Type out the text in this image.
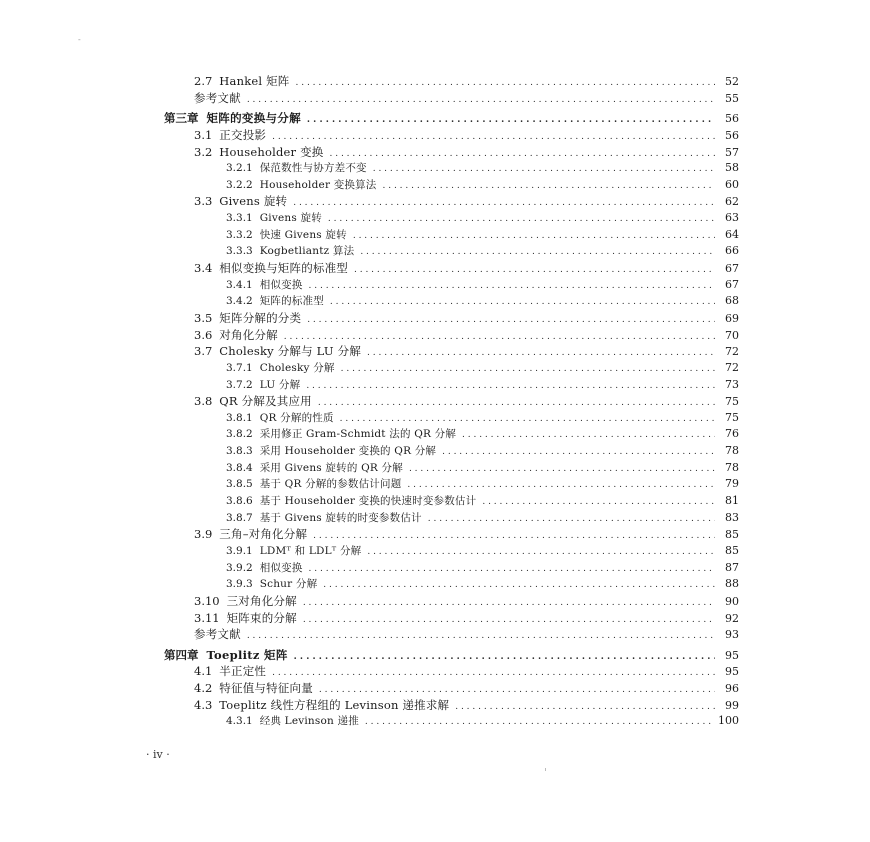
-
2.7 Hankel 矩阵 . . .	52
参考文献 . . .	55
第三章 矩阵的变换与分解 . . .	56
3.1 正交投影 . . .	56
3.2 Householder 变换 . . .	57
3.2.1 保范数性与协方差不变 . . .	58
3.2.2 Householder 变换算法 . . .	60
3.3 Givens 旋转 . . .	62
3.3.1 Givens 旋转 . . .	63
3.3.2 快速 Givens 旋转 . . .	64
3.3.3 Kogbetliantz 算法 . . .	66
3.4 相似变换与矩阵的标准型 . . .	67
3.4.1 相似变换 . . .	67
3.4.2 矩阵的标准型 . . .	68
3.5 矩阵分解的分类 . . .	69
3.6 对角化分解 . . .	70
3.7 Cholesky 分解与 LU 分解 . . .	72
3.7.1 Cholesky 分解 . . .	72
3.7.2 LU 分解 . . .	73
3.8 QR 分解及其应用 . . .	75
3.8.1 QR 分解的性质 . . .	75
3.8.2 采用修正 Gram-Schmidt 法的 QR 分解 . . .	76
3.8.3 采用 Householder 变换的 QR 分解 . . .	78
3.8.4 采用 Givens 旋转的 QR 分解 . . .	78
3.8.5 基于 QR 分解的参数估计问题 . . .	79
3.8.6 基于 Householder 变换的快速时变参数估计 . . .	81
3.8.7 基于 Givens 旋转的时变参数估计 . . .	83
3.9 三角–对角化分解 . . .	85
3.9.1 LDMᵀ 和 LDLᵀ 分解 . . .	85
3.9.2 相似变换 . . .	87
3.9.3 Schur 分解 . . .	88
3.10 三对角化分解 . . .	90
3.11 矩阵束的分解 . . .	92
参考文献 . . .	93
第四章 Toeplitz 矩阵 . . .	95
4.1 半正定性 . . .	95
4.2 特征值与特征向量 . . .	96
4.3 Toeplitz 线性方程组的 Levinson 递推求解 . . .	99
4.3.1 经典 Levinson 递推 . . .	100
· iv ·
